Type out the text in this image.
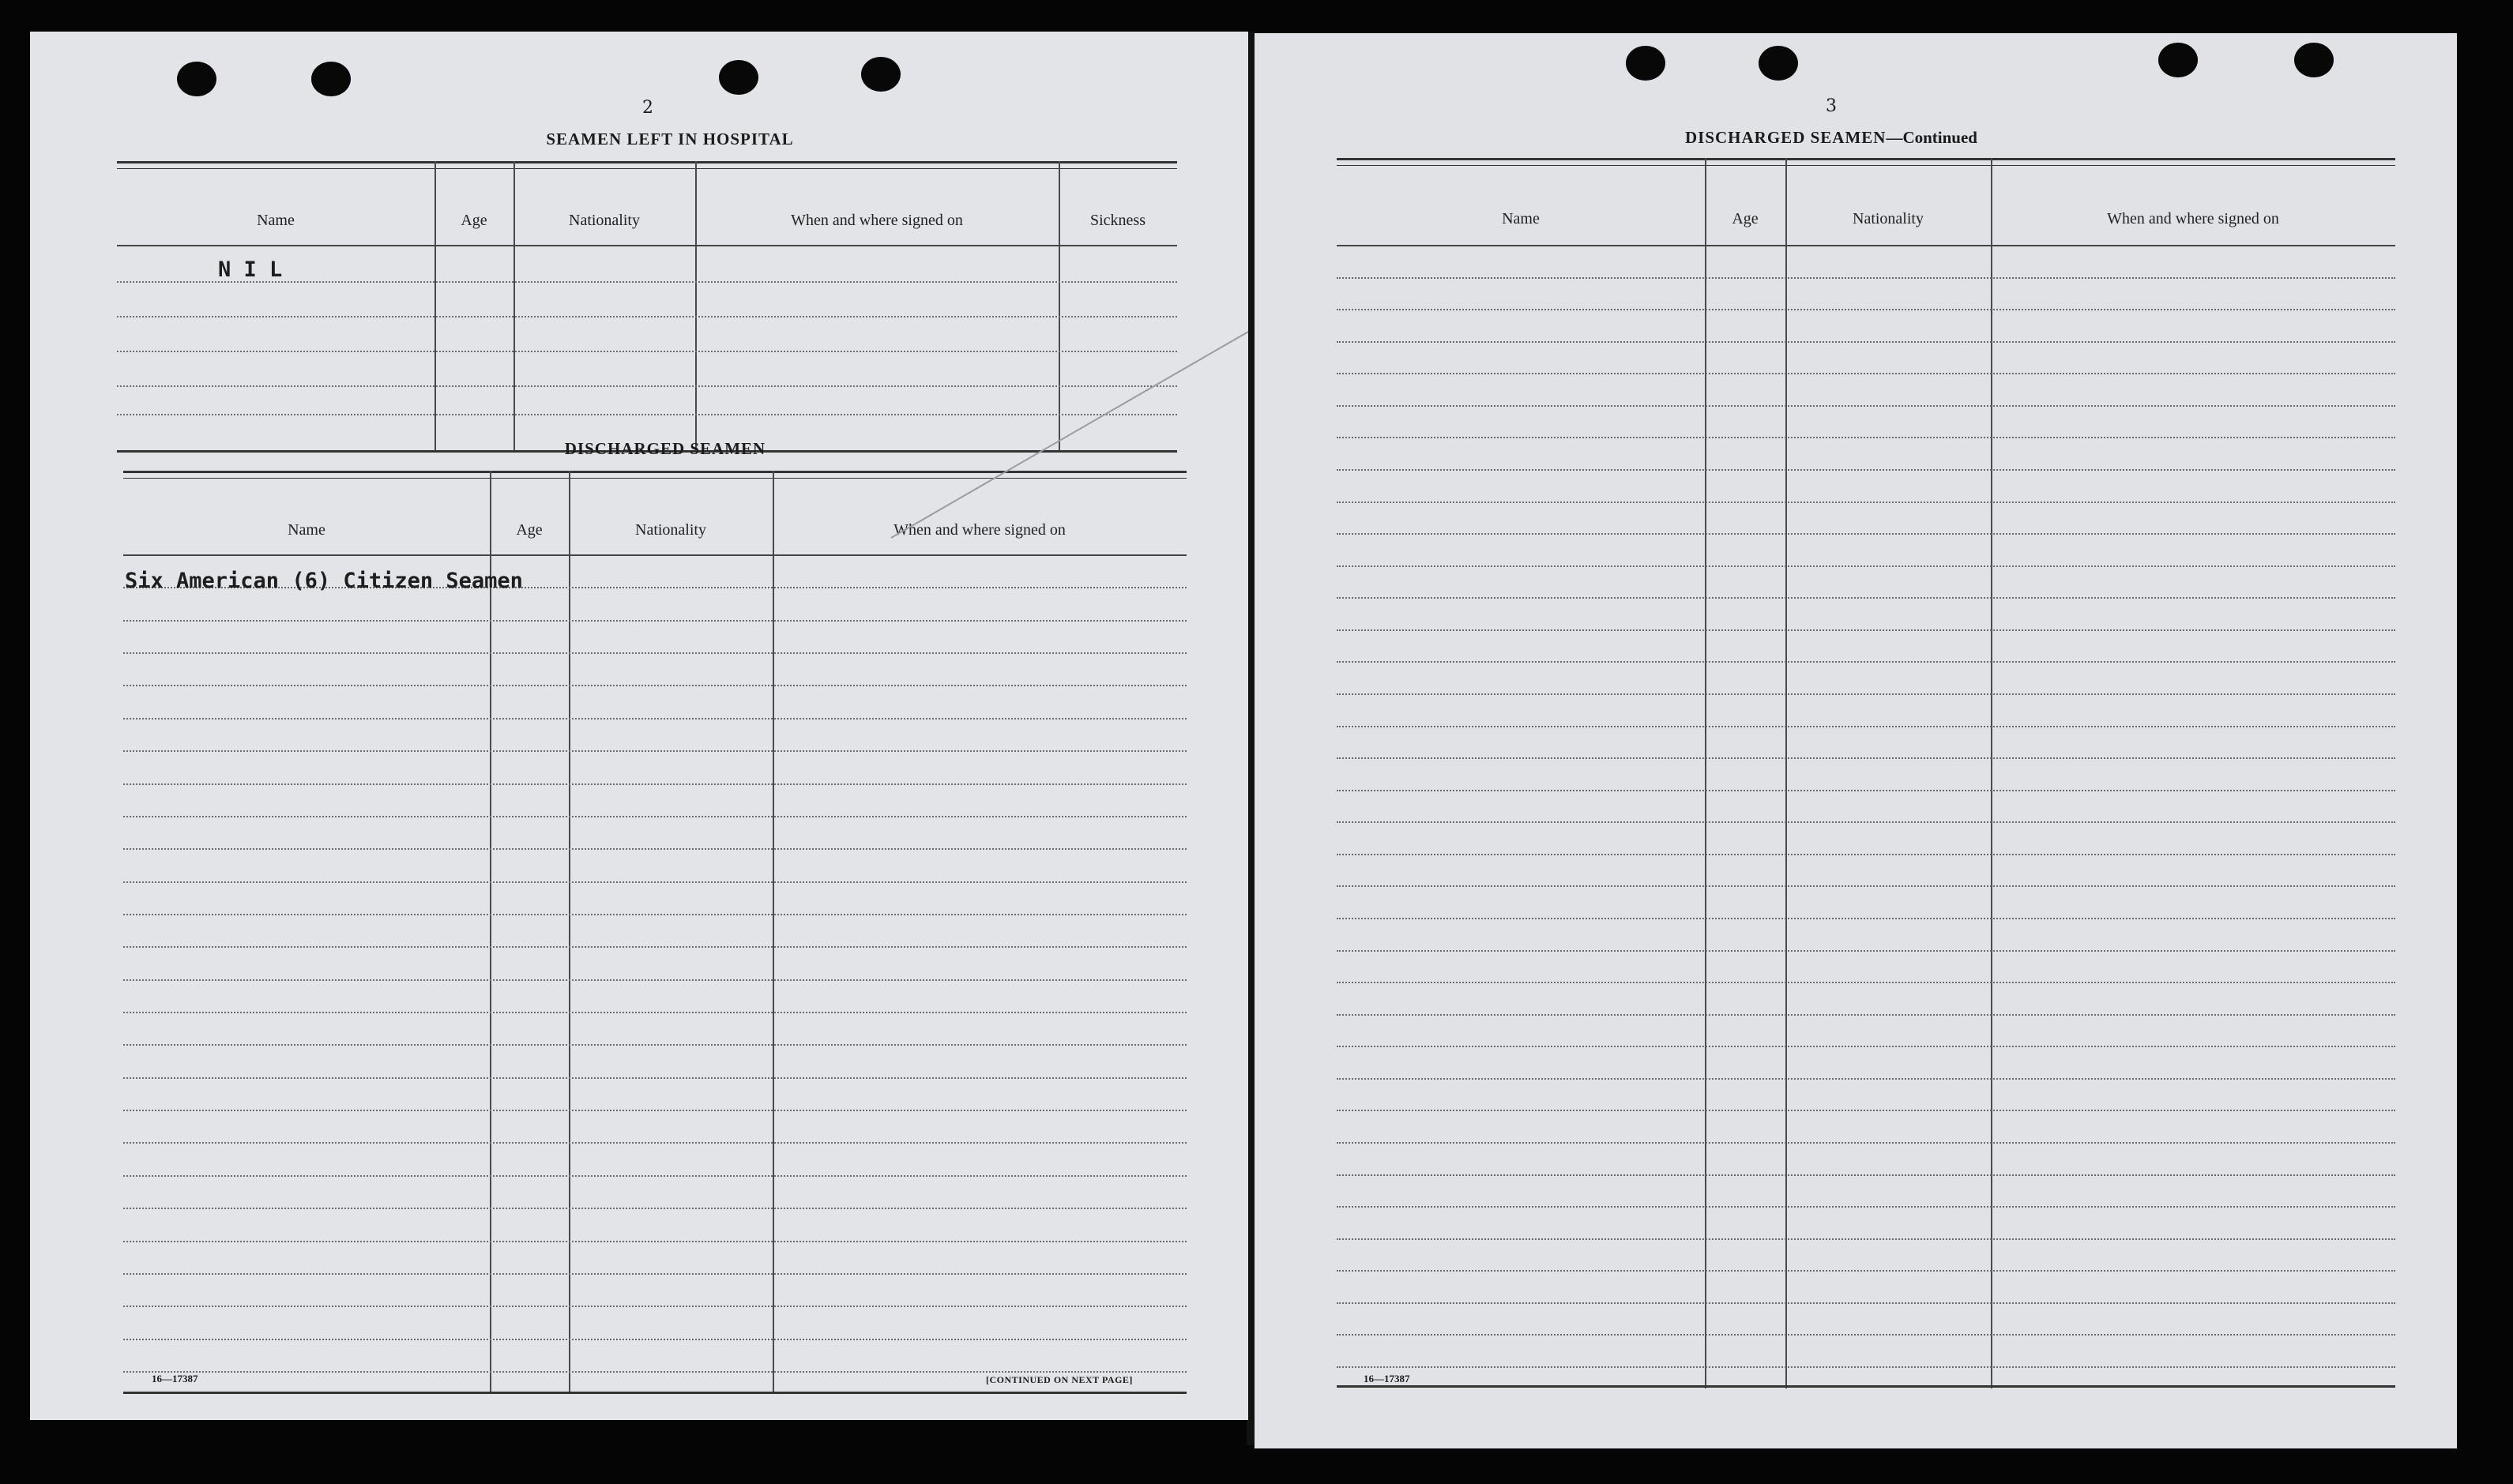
2
SEAMEN LEFT IN HOSPITAL
Name	Age	Nationality	When and where signed on	Sickness
N I L
DISCHARGED SEAMEN
Name	Age	Nationality	When and where signed on
Six American (6) Citizen Seamen
16—17387	[CONTINUED ON NEXT PAGE]
3
DISCHARGED SEAMEN—Continued
Name	Age	Nationality	When and where signed on
16—17387
